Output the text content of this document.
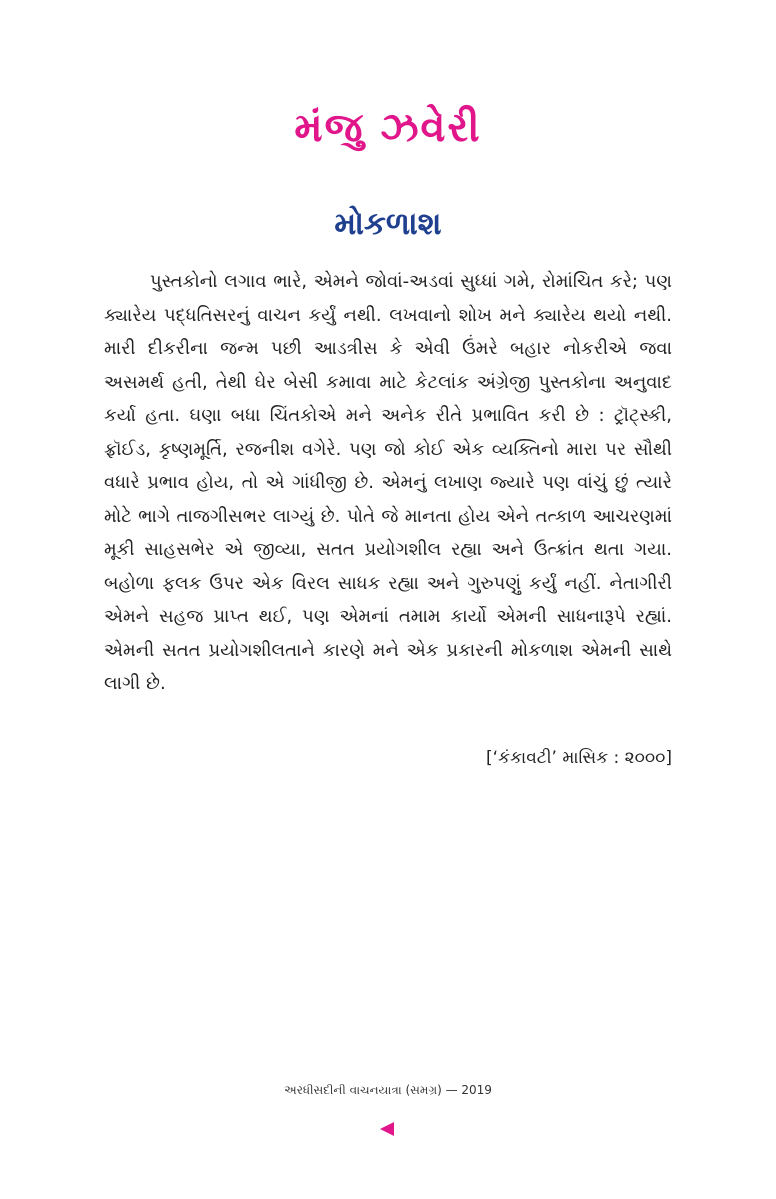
મંજુ ઝવેરી
મોકળાશ

પુસ્તકોનો લગાવ ભારે, એમને જોવાં-અડવાં સુધ્ધાં ગમે, રોમાંચિત કરે; પણ ક્યારેય પદ્ધતિસરનું વાચન કર્યું નથી. લખવાનો શોખ મને ક્યારેય થયો નથી. મારી દીકરીના જન્મ પછી આડત્રીસ કે એવી ઉંમરે બહાર નોકરીએ જવા અસમર્થ હતી, તેથી ઘેર બેસી કમાવા માટે કેટલાંક અંગ્રેજી પુસ્તકોના અનુવાદ કર્યા હતા. ઘણા બધા ચિંતકોએ મને અનેક રીતે પ્રભાવિત કરી છે : ટ્રૉટ્સ્કી, ફ્રૉઈડ, કૃષ્ણમૂર્તિ, રજનીશ વગેરે. પણ જો કોઈ એક વ્યક્તિનો મારા પર સૌથી વધારે પ્રભાવ હોય, તો એ ગાંધીજી છે. એમનું લખાણ જ્યારે પણ વાંચું છું ત્યારે મોટે ભાગે તાજગીસભર લાગ્યું છે. પોતે જે માનતા હોય એને તત્કાળ આચરણમાં મૂકી સાહસભેર એ જીવ્યા, સતત પ્રયોગશીલ રહ્યા અને ઉત્ક્રાંત થતા ગયા. બહોળા ફલક ઉપર એક વિરલ સાધક રહ્યા અને ગુરુપણું કર્યું નહીં. નેતાગીરી એમને સહજ પ્રાપ્ત થઈ, પણ એમનાં તમામ કાર્યો એમની સાધનારૂપે રહ્યાં. એમની સતત પ્રયોગશીલતાને કારણે મને એક પ્રકારની મોકળાશ એમની સાથે લાગી છે.

[‘કંકાવટી’ માસિક : ૨૦૦૦]
અરધીસદીની વાચનયાત્રા (સમગ્ર) — 2019
